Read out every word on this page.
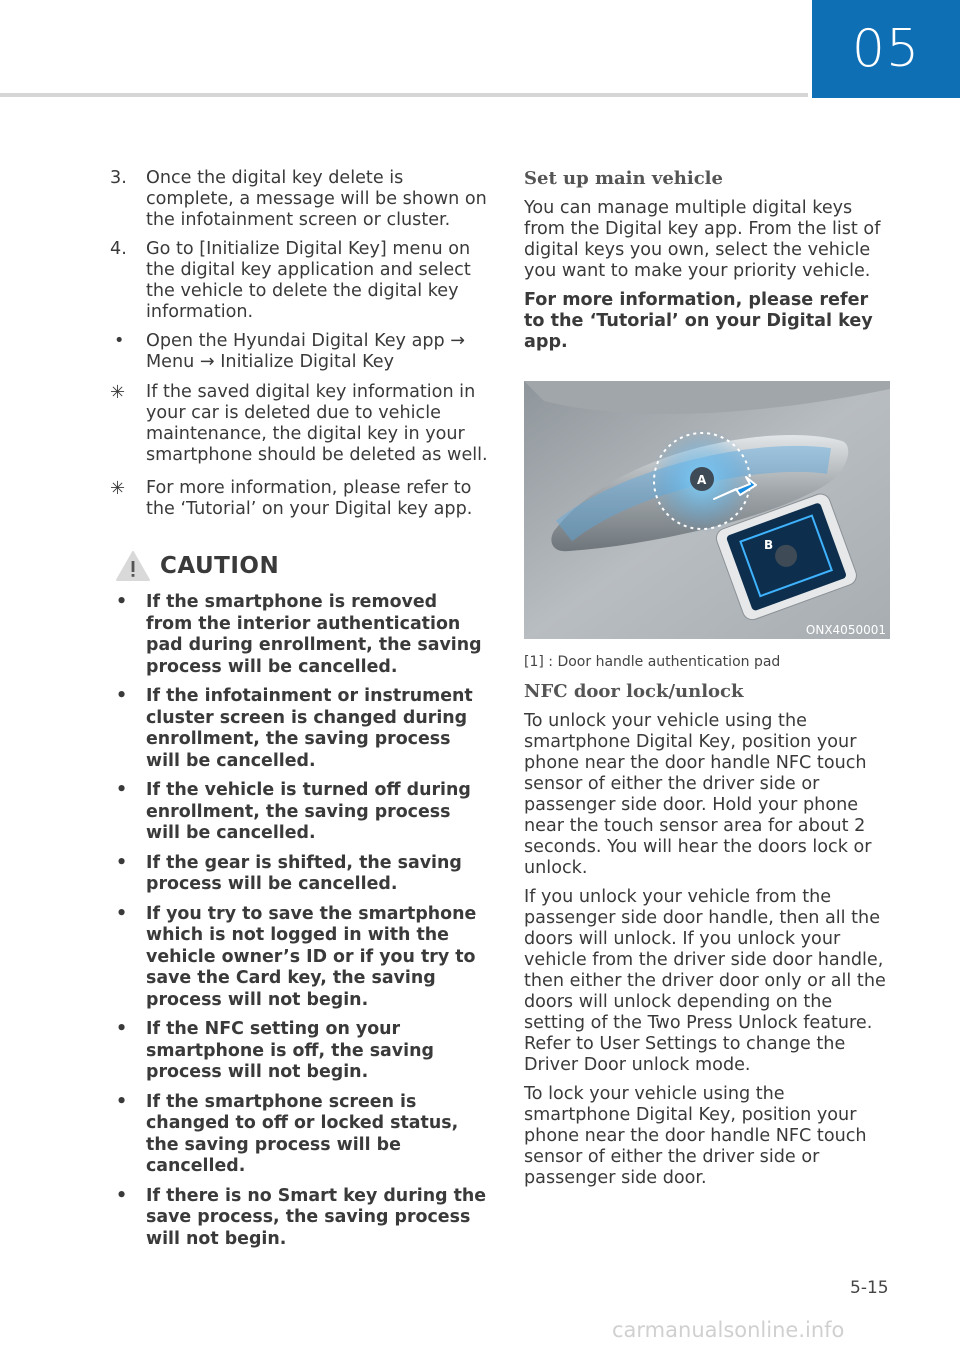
05
3.	Once the digital key delete is complete, a message will be shown on the infotainment screen or cluster.
4.	Go to [Initialize Digital Key] menu on the digital key application and select the vehicle to delete the digital key information.
•	Open the Hyundai Digital Key app → Menu → Initialize Digital Key
✳	If the saved digital key information in your car is deleted due to vehicle maintenance, the digital key in your smartphone should be deleted as well.
✳	For more information, please refer to the ‘Tutorial’ on your Digital key app.
CAUTION
•	If the smartphone is removed from the interior authentication pad during enrollment, the saving process will be cancelled.
•	If the infotainment or instrument cluster screen is changed during enrollment, the saving process will be cancelled.
•	If the vehicle is turned off during enrollment, the saving process will be cancelled.
•	If the gear is shifted, the saving process will be cancelled.
•	If you try to save the smartphone which is not logged in with the vehicle owner’s ID or if you try to save the Card key, the saving process will not begin.
•	If the NFC setting on your smartphone is off, the saving process will not begin.
•	If the smartphone screen is changed to off or locked status, the saving process will be cancelled.
•	If there is no Smart key during the save process, the saving process will not begin.
Set up main vehicle

You can manage multiple digital keys from the Digital key app. From the list of digital keys you own, select the vehicle you want to make your priority vehicle.

For more information, please refer to the ‘Tutorial’ on your Digital key app.

A
B
ONX4050001
[1] : Door handle authentication pad
NFC door lock/unlock

To unlock your vehicle using the smartphone Digital Key, position your phone near the door handle NFC touch sensor of either the driver side or passenger side door. Hold your phone near the touch sensor area for about 2 seconds. You will hear the doors lock or unlock.

If you unlock your vehicle from the passenger side door handle, then all the doors will unlock. If you unlock your vehicle from the driver side door handle, then either the driver door only or all the doors will unlock depending on the setting of the Two Press Unlock feature. Refer to User Settings to change the Driver Door unlock mode.

To lock your vehicle using the smartphone Digital Key, position your phone near the door handle NFC touch sensor of either the driver side or passenger side door.

5-15
carmanualsonline.info
